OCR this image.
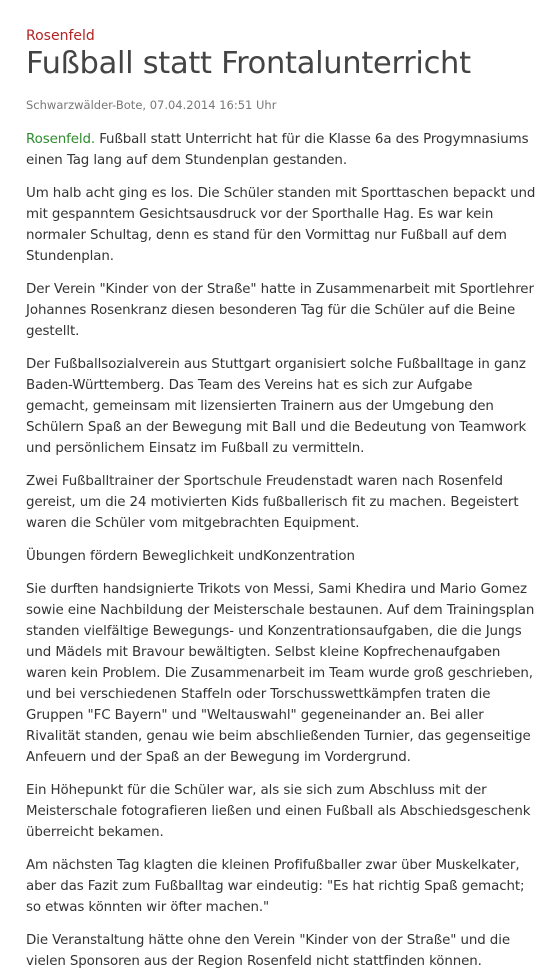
Rosenfeld

Fußball statt Frontalunterricht

Schwarzwälder-Bote, 07.04.2014 16:51 Uhr

Rosenfeld. Fußball statt Unterricht hat für die Klasse 6a des Progymnasiums einen Tag lang auf dem Stundenplan gestanden.

Um halb acht ging es los. Die Schüler standen mit Sporttaschen bepackt und mit gespanntem Gesichtsausdruck vor der Sporthalle Hag. Es war kein normaler Schultag, denn es stand für den Vormittag nur Fußball auf dem Stundenplan.

Der Verein "Kinder von der Straße" hatte in Zusammenarbeit mit Sportlehrer Johannes Rosenkranz diesen besonderen Tag für die Schüler auf die Beine gestellt.

Der Fußballsozialverein aus Stuttgart organisiert solche Fußballtage in ganz Baden-Württemberg. Das Team des Vereins hat es sich zur Aufgabe gemacht, gemeinsam mit lizensierten Trainern aus der Umgebung den Schülern Spaß an der Bewegung mit Ball und die Bedeutung von Teamwork und persönlichem Einsatz im Fußball zu vermitteln.

Zwei Fußballtrainer der Sportschule Freudenstadt waren nach Rosenfeld gereist, um die 24 motivierten Kids fußballerisch fit zu machen. Begeistert waren die Schüler vom mitgebrachten Equipment.

Übungen fördern Beweglichkeit undKonzentration

Sie durften handsignierte Trikots von Messi, Sami Khedira und Mario Gomez sowie eine Nachbildung der Meisterschale bestaunen. Auf dem Trainingsplan standen vielfältige Bewegungs- und Konzentrationsaufgaben, die die Jungs und Mädels mit Bravour bewältigten. Selbst kleine Kopfrechenaufgaben waren kein Problem. Die Zusammenarbeit im Team wurde groß geschrieben, und bei verschiedenen Staffeln oder Torschusswettkämpfen traten die Gruppen "FC Bayern" und "Weltauswahl" gegeneinander an. Bei aller Rivalität standen, genau wie beim abschließenden Turnier, das gegenseitige Anfeuern und der Spaß an der Bewegung im Vordergrund.

Ein Höhepunkt für die Schüler war, als sie sich zum Abschluss mit der Meisterschale fotografieren ließen und einen Fußball als Abschiedsgeschenk überreicht bekamen.

Am nächsten Tag klagten die kleinen Profifußballer zwar über Muskelkater, aber das Fazit zum Fußballtag war eindeutig: "Es hat richtig Spaß gemacht; so etwas könnten wir öfter machen."

Die Veranstaltung hätte ohne den Verein "Kinder von der Straße" und die vielen Sponsoren aus der Region Rosenfeld nicht stattfinden können.
